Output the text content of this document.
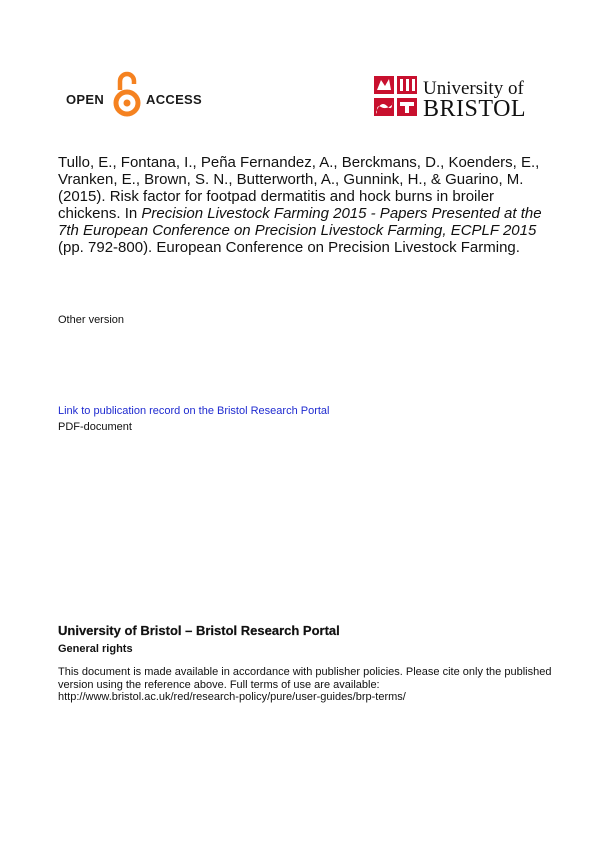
OPEN	ACCESS
University of
BRISTOL
Tullo, E., Fontana, I., Peña Fernandez, A., Berckmans, D., Koenders, E., Vranken, E., Brown, S. N., Butterworth, A., Gunnink, H., & Guarino, M. (2015). Risk factor for footpad dermatitis and hock burns in broiler chickens. In Precision Livestock Farming 2015 - Papers Presented at the 7th European Conference on Precision Livestock Farming, ECPLF 2015 (pp. 792-800). European Conference on Precision Livestock Farming.
Other version
Link to publication record on the Bristol Research Portal
PDF-document
University of Bristol – Bristol Research Portal
General rights
This document is made available in accordance with publisher policies. Please cite only the published version using the reference above. Full terms of use are available: http://www.bristol.ac.uk/red/research-policy/pure/user-guides/brp-terms/
